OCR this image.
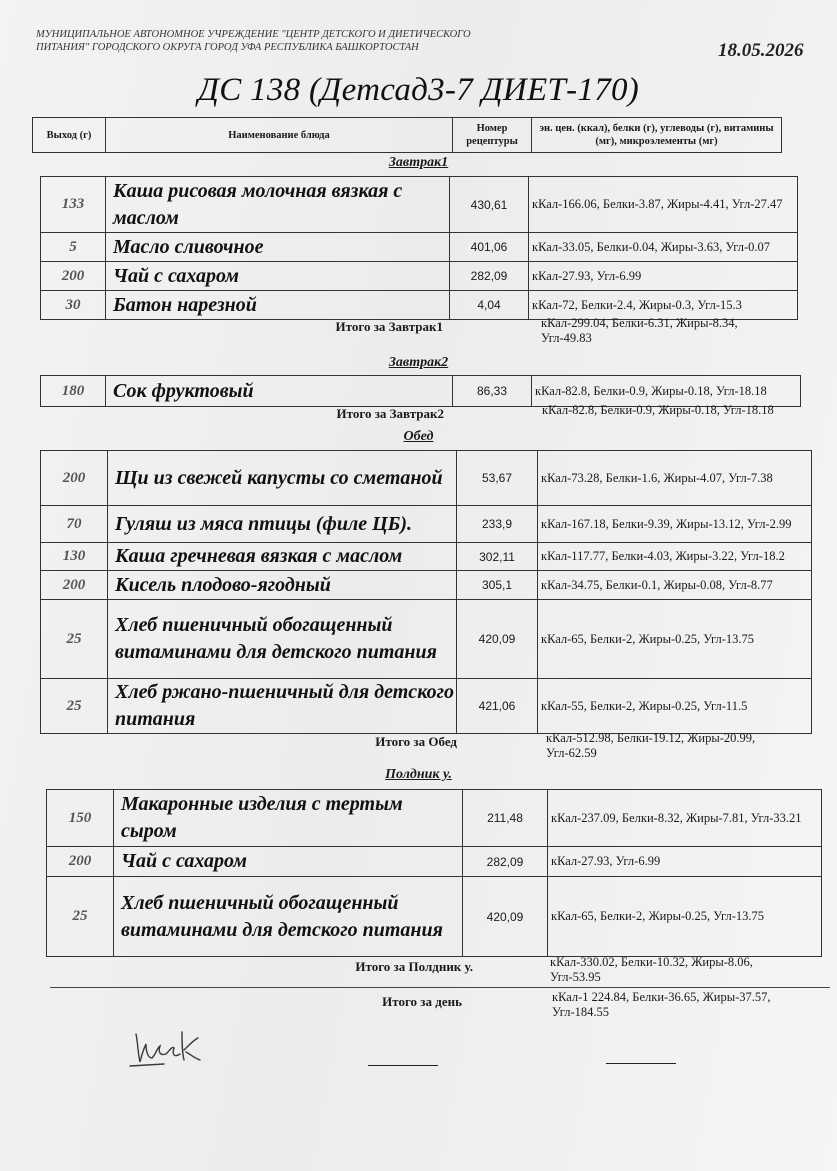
МУНИЦИПАЛЬНОЕ АВТОНОМНОЕ УЧРЕЖДЕНИЕ "ЦЕНТР ДЕТСКОГО И ДИЕТИЧЕСКОГО ПИТАНИЯ" ГОРОДСКОГО ОКРУГА ГОРОД УФА РЕСПУБЛИКА БАШКОРТОСТАН	18.05.2026
ДС 138 (Детсад3-7 ДИЕТ-170)
Выход (г)	Наименование блюда	Номер рецептуры	эн. цен. (ккал), белки (г), углеводы (г), витамины (мг), микроэлементы (мг)
Завтрак1
133	Каша рисовая молочная вязкая с маслом	430,61	кКал-166.06, Белки-3.87, Жиры-4.41, Угл-27.47
5	Масло сливочное	401,06	кКал-33.05, Белки-0.04, Жиры-3.63, Угл-0.07
200	Чай с сахаром	282,09	кКал-27.93, Угл-6.99
30	Батон нарезной	4,04	кКал-72, Белки-2.4, Жиры-0.3, Угл-15.3
Итого за Завтрак1	кКал-299.04, Белки-6.31, Жиры-8.34, Угл-49.83
Завтрак2
180	Сок фруктовый	86,33	кКал-82.8, Белки-0.9, Жиры-0.18, Угл-18.18
Итого за Завтрак2	кКал-82.8, Белки-0.9, Жиры-0.18, Угл-18.18
Обед
200	Щи из свежей капусты со сметаной	53,67	кКал-73.28, Белки-1.6, Жиры-4.07, Угл-7.38
70	Гуляш из мяса птицы (филе ЦБ).	233,9	кКал-167.18, Белки-9.39, Жиры-13.12, Угл-2.99
130	Каша гречневая вязкая с маслом	302,11	кКал-117.77, Белки-4.03, Жиры-3.22, Угл-18.2
200	Кисель плодово-ягодный	305,1	кКал-34.75, Белки-0.1, Жиры-0.08, Угл-8.77
25	Хлеб пшеничный обогащенный витаминами для детского питания	420,09	кКал-65, Белки-2, Жиры-0.25, Угл-13.75
25	Хлеб ржано-пшеничный для детского питания	421,06	кКал-55, Белки-2, Жиры-0.25, Угл-11.5
Итого за Обед	кКал-512.98, Белки-19.12, Жиры-20.99, Угл-62.59
Полдник у.
150	Макаронные изделия с тертым сыром	211,48	кКал-237.09, Белки-8.32, Жиры-7.81, Угл-33.21
200	Чай с сахаром	282,09	кКал-27.93, Угл-6.99
25	Хлеб пшеничный обогащенный витаминами для детского питания	420,09	кКал-65, Белки-2, Жиры-0.25, Угл-13.75
Итого за Полдник у.	кКал-330.02, Белки-10.32, Жиры-8.06, Угл-53.95
Итого за день	кКал-1 224.84, Белки-36.65, Жиры-37.57, Угл-184.55
